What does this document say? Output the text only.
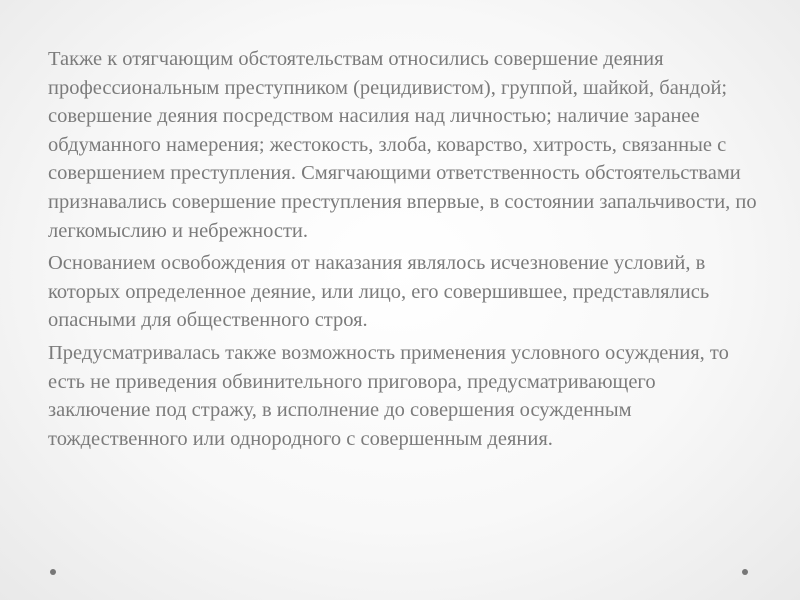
Также к отягчающим обстоятельствам относились совершение деяния профессиональным преступником (рецидивистом), группой, шайкой, бандой; совершение деяния посредством насилия над личностью; наличие заранее обдуманного намерения; жестокость, злоба, коварство, хитрость, связанные с совершением преступления. Смягчающими ответственность обстоятельствами признавались совершение преступления впервые, в состоянии запальчивости, по легкомыслию и небрежности.

Основанием освобождения от наказания являлось исчезновение условий, в которых определенное деяние, или лицо, его совершившее, представлялись опасными для общественного строя.

Предусматривалась также возможность применения условного осуждения, то есть не приведения обвинительного приговора, предусматривающего заключение под стражу, в исполнение до совершения осужденным тождественного или однородного с совершенным деяния.
